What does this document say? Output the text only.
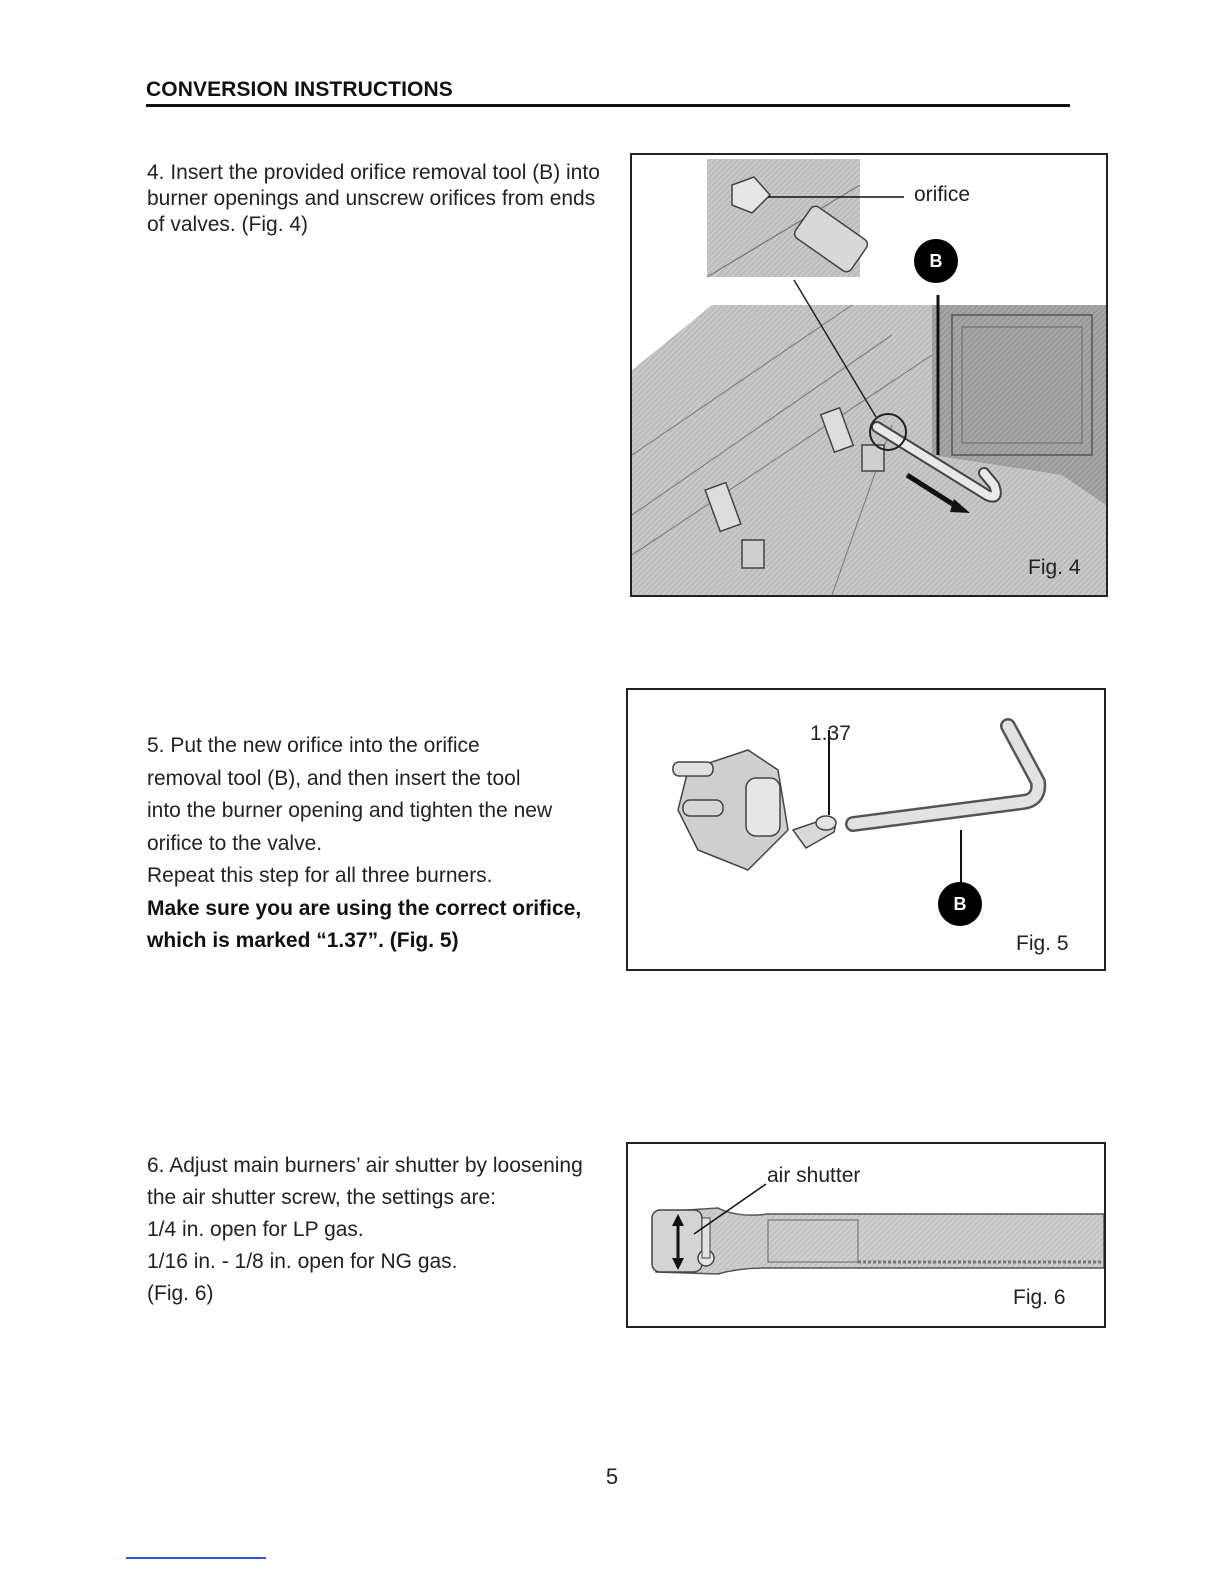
CONVERSION INSTRUCTIONS

4. Insert the provided orifice removal tool (B) into burner openings and unscrew orifices from ends of valves. (Fig. 4)

orifice
B
Fig. 4

5. Put the new orifice into the orifice

removal tool (B), and then insert the tool

into the burner opening and tighten the new

orifice to the valve.

Repeat this step for all three burners.

Make sure you are using the correct orifice,

which is marked “1.37”. (Fig. 5)

1.37
B
Fig. 5

6. Adjust main burners’ air shutter by loosening

the air shutter screw, the settings are:

1/4 in. open for LP gas.

1/16 in. - 1/8 in. open for NG gas.

(Fig. 6)

air shutter
Fig. 6
5
